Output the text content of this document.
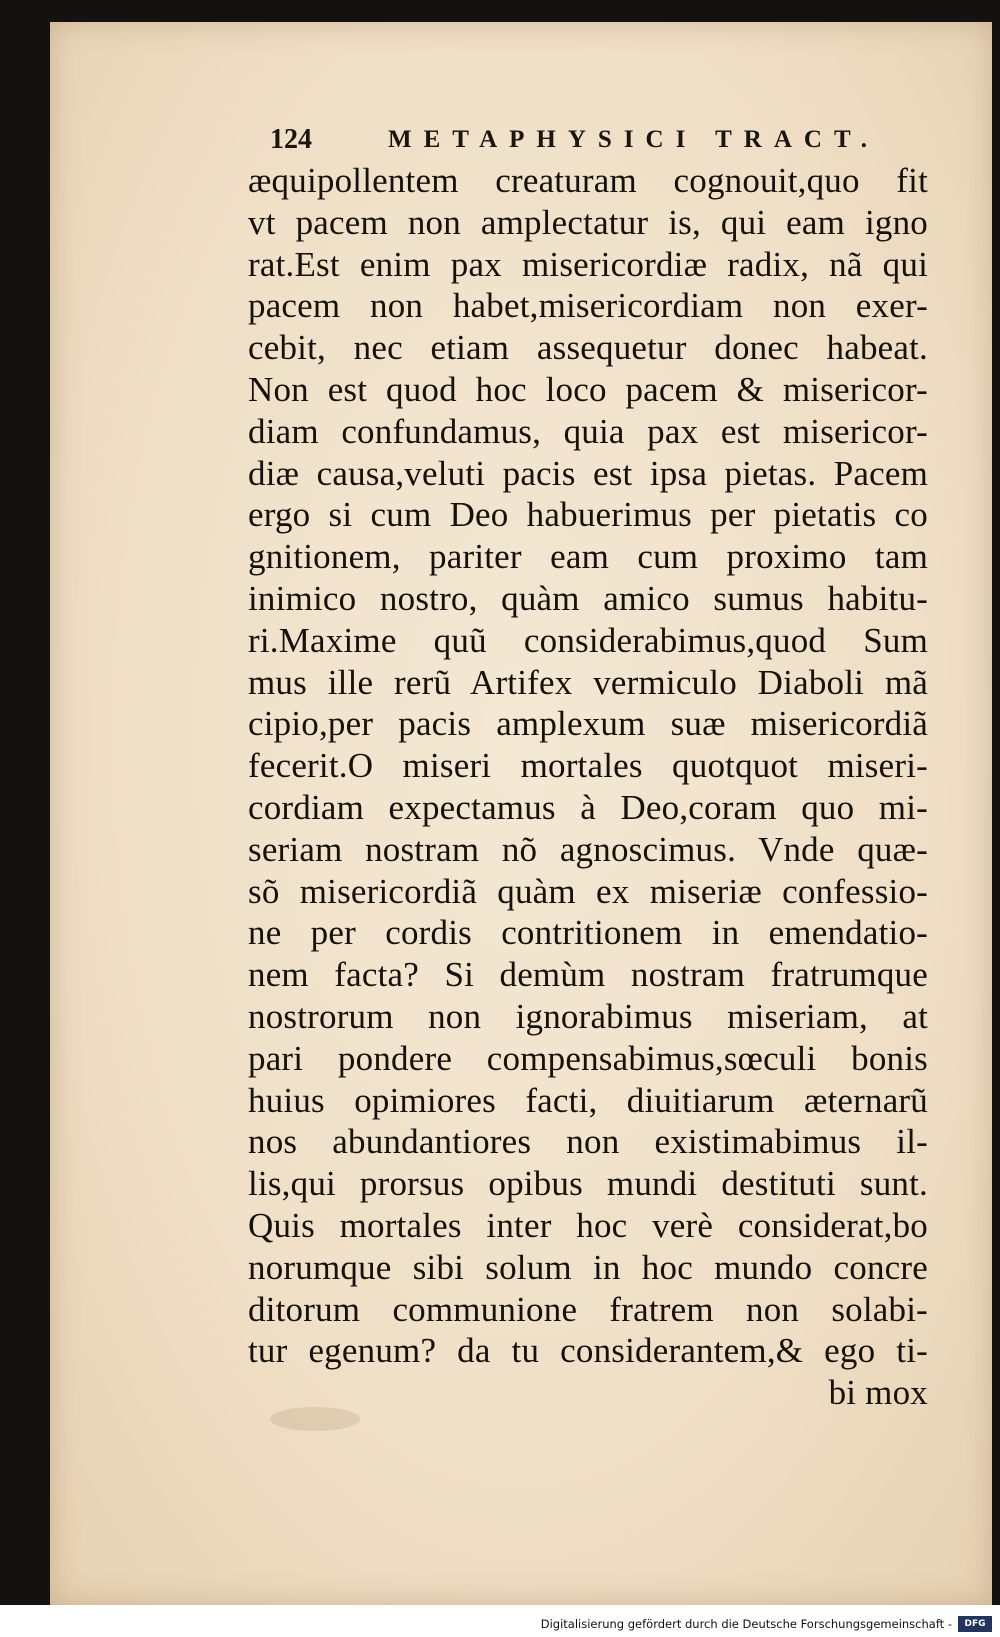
124	METAPHYSICI TRACT.
æquipollentem creaturam cognouit,quo fit
vt pacem non amplectatur is, qui eam igno
rat.Est enim pax misericordiæ radix, nã qui
pacem non habet,misericordiam non exer-
cebit, nec etiam assequetur donec habeat.
Non est quod hoc loco pacem & misericor-
diam confundamus, quia pax est misericor-
diæ causa,veluti pacis est ipsa pietas. Pacem
ergo si cum Deo habuerimus per pietatis co
gnitionem, pariter eam cum proximo tam
inimico nostro, quàm amico sumus habitu-
ri.Maxime quũ considerabimus,quod Sum
mus ille rerũ Artifex vermiculo Diaboli mã
cipio,per pacis amplexum suæ misericordiã
fecerit.O miseri mortales quotquot miseri-
cordiam expectamus à Deo,coram quo mi-
seriam nostram nõ agnoscimus. Vnde quæ-
sõ misericordiã quàm ex miseriæ confessio-
ne per cordis contritionem in emendatio-
nem facta? Si demùm nostram fratrumque
nostrorum non ignorabimus miseriam, at
pari pondere compensabimus,sœculi bonis
huius opimiores facti, diuitiarum æternarũ
nos abundantiores non existimabimus il-
lis,qui prorsus opibus mundi destituti sunt.
Quis mortales inter hoc verè considerat,bo
norumque sibi solum in hoc mundo concre
ditorum communione fratrem non solabi-
tur egenum? da tu considerantem,& ego ti-
bi mox
Digitalisierung gefördert durch die Deutsche Forschungsgemeinschaft -	DFG
